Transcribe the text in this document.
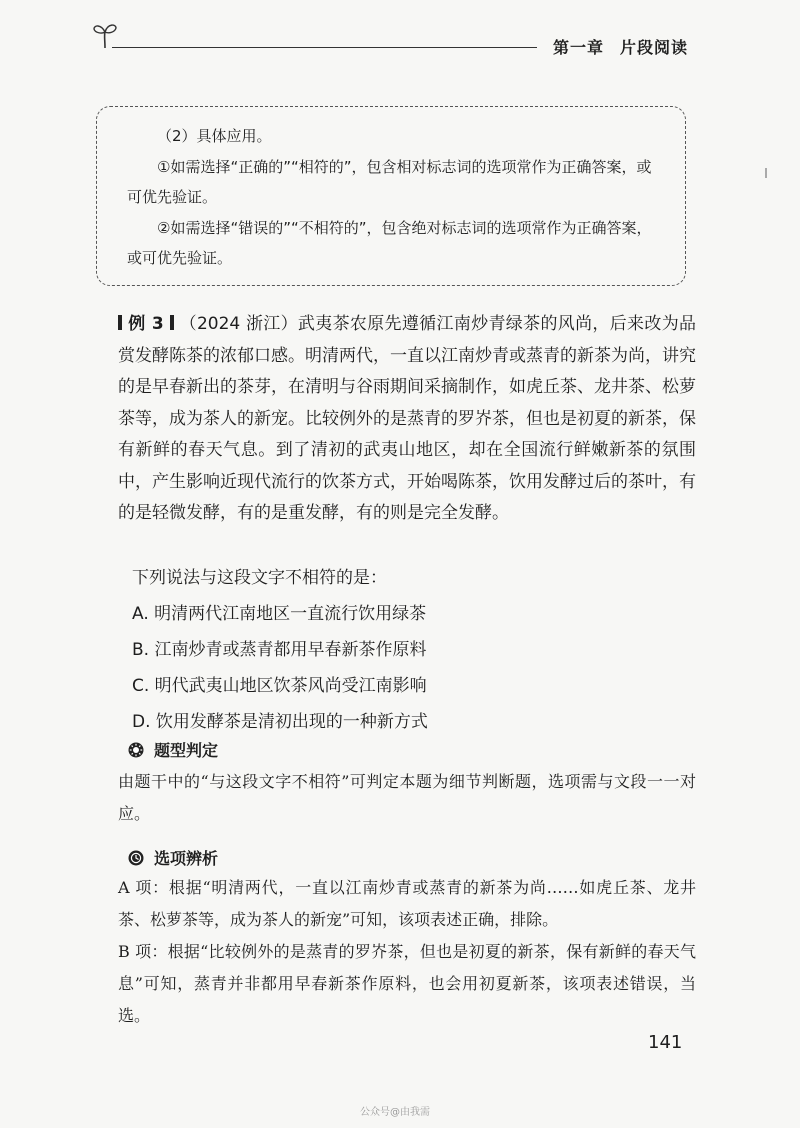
第一章 片段阅读

（2）具体应用。

①如需选择“正确的”“相符的”，包含相对标志词的选项常作为正确答案，或可优先验证。

②如需选择“错误的”“不相符的”，包含绝对标志词的选项常作为正确答案，或可优先验证。

例 3 （2024 浙江）武夷茶农原先遵循江南炒青绿茶的风尚，后来改为品赏发酵陈茶的浓郁口感。明清两代，一直以江南炒青或蒸青的新茶为尚，讲究的是早春新出的茶芽，在清明与谷雨期间采摘制作，如虎丘茶、龙井茶、松萝茶等，成为茶人的新宠。比较例外的是蒸青的罗岕茶，但也是初夏的新茶，保有新鲜的春天气息。到了清初的武夷山地区，却在全国流行鲜嫩新茶的氛围中，产生影响近现代流行的饮茶方式，开始喝陈茶，饮用发酵过后的茶叶，有的是轻微发酵，有的是重发酵，有的则是完全发酵。

下列说法与这段文字不相符的是：

A. 明清两代江南地区一直流行饮用绿茶

B. 江南炒青或蒸青都用早春新茶作原料

C. 明代武夷山地区饮茶风尚受江南影响

D. 饮用发酵茶是清初出现的一种新方式

题型判定

由题干中的“与这段文字不相符”可判定本题为细节判断题，选项需与文段一一对应。

选项辨析

A 项：根据“明清两代，一直以江南炒青或蒸青的新茶为尚……如虎丘茶、龙井茶、松萝茶等，成为茶人的新宠”可知，该项表述正确，排除。

B 项：根据“比较例外的是蒸青的罗岕茶，但也是初夏的新茶，保有新鲜的春天气息”可知，蒸青并非都用早春新茶作原料，也会用初夏新茶，该项表述错误，当选。

141
公众号@由我需
